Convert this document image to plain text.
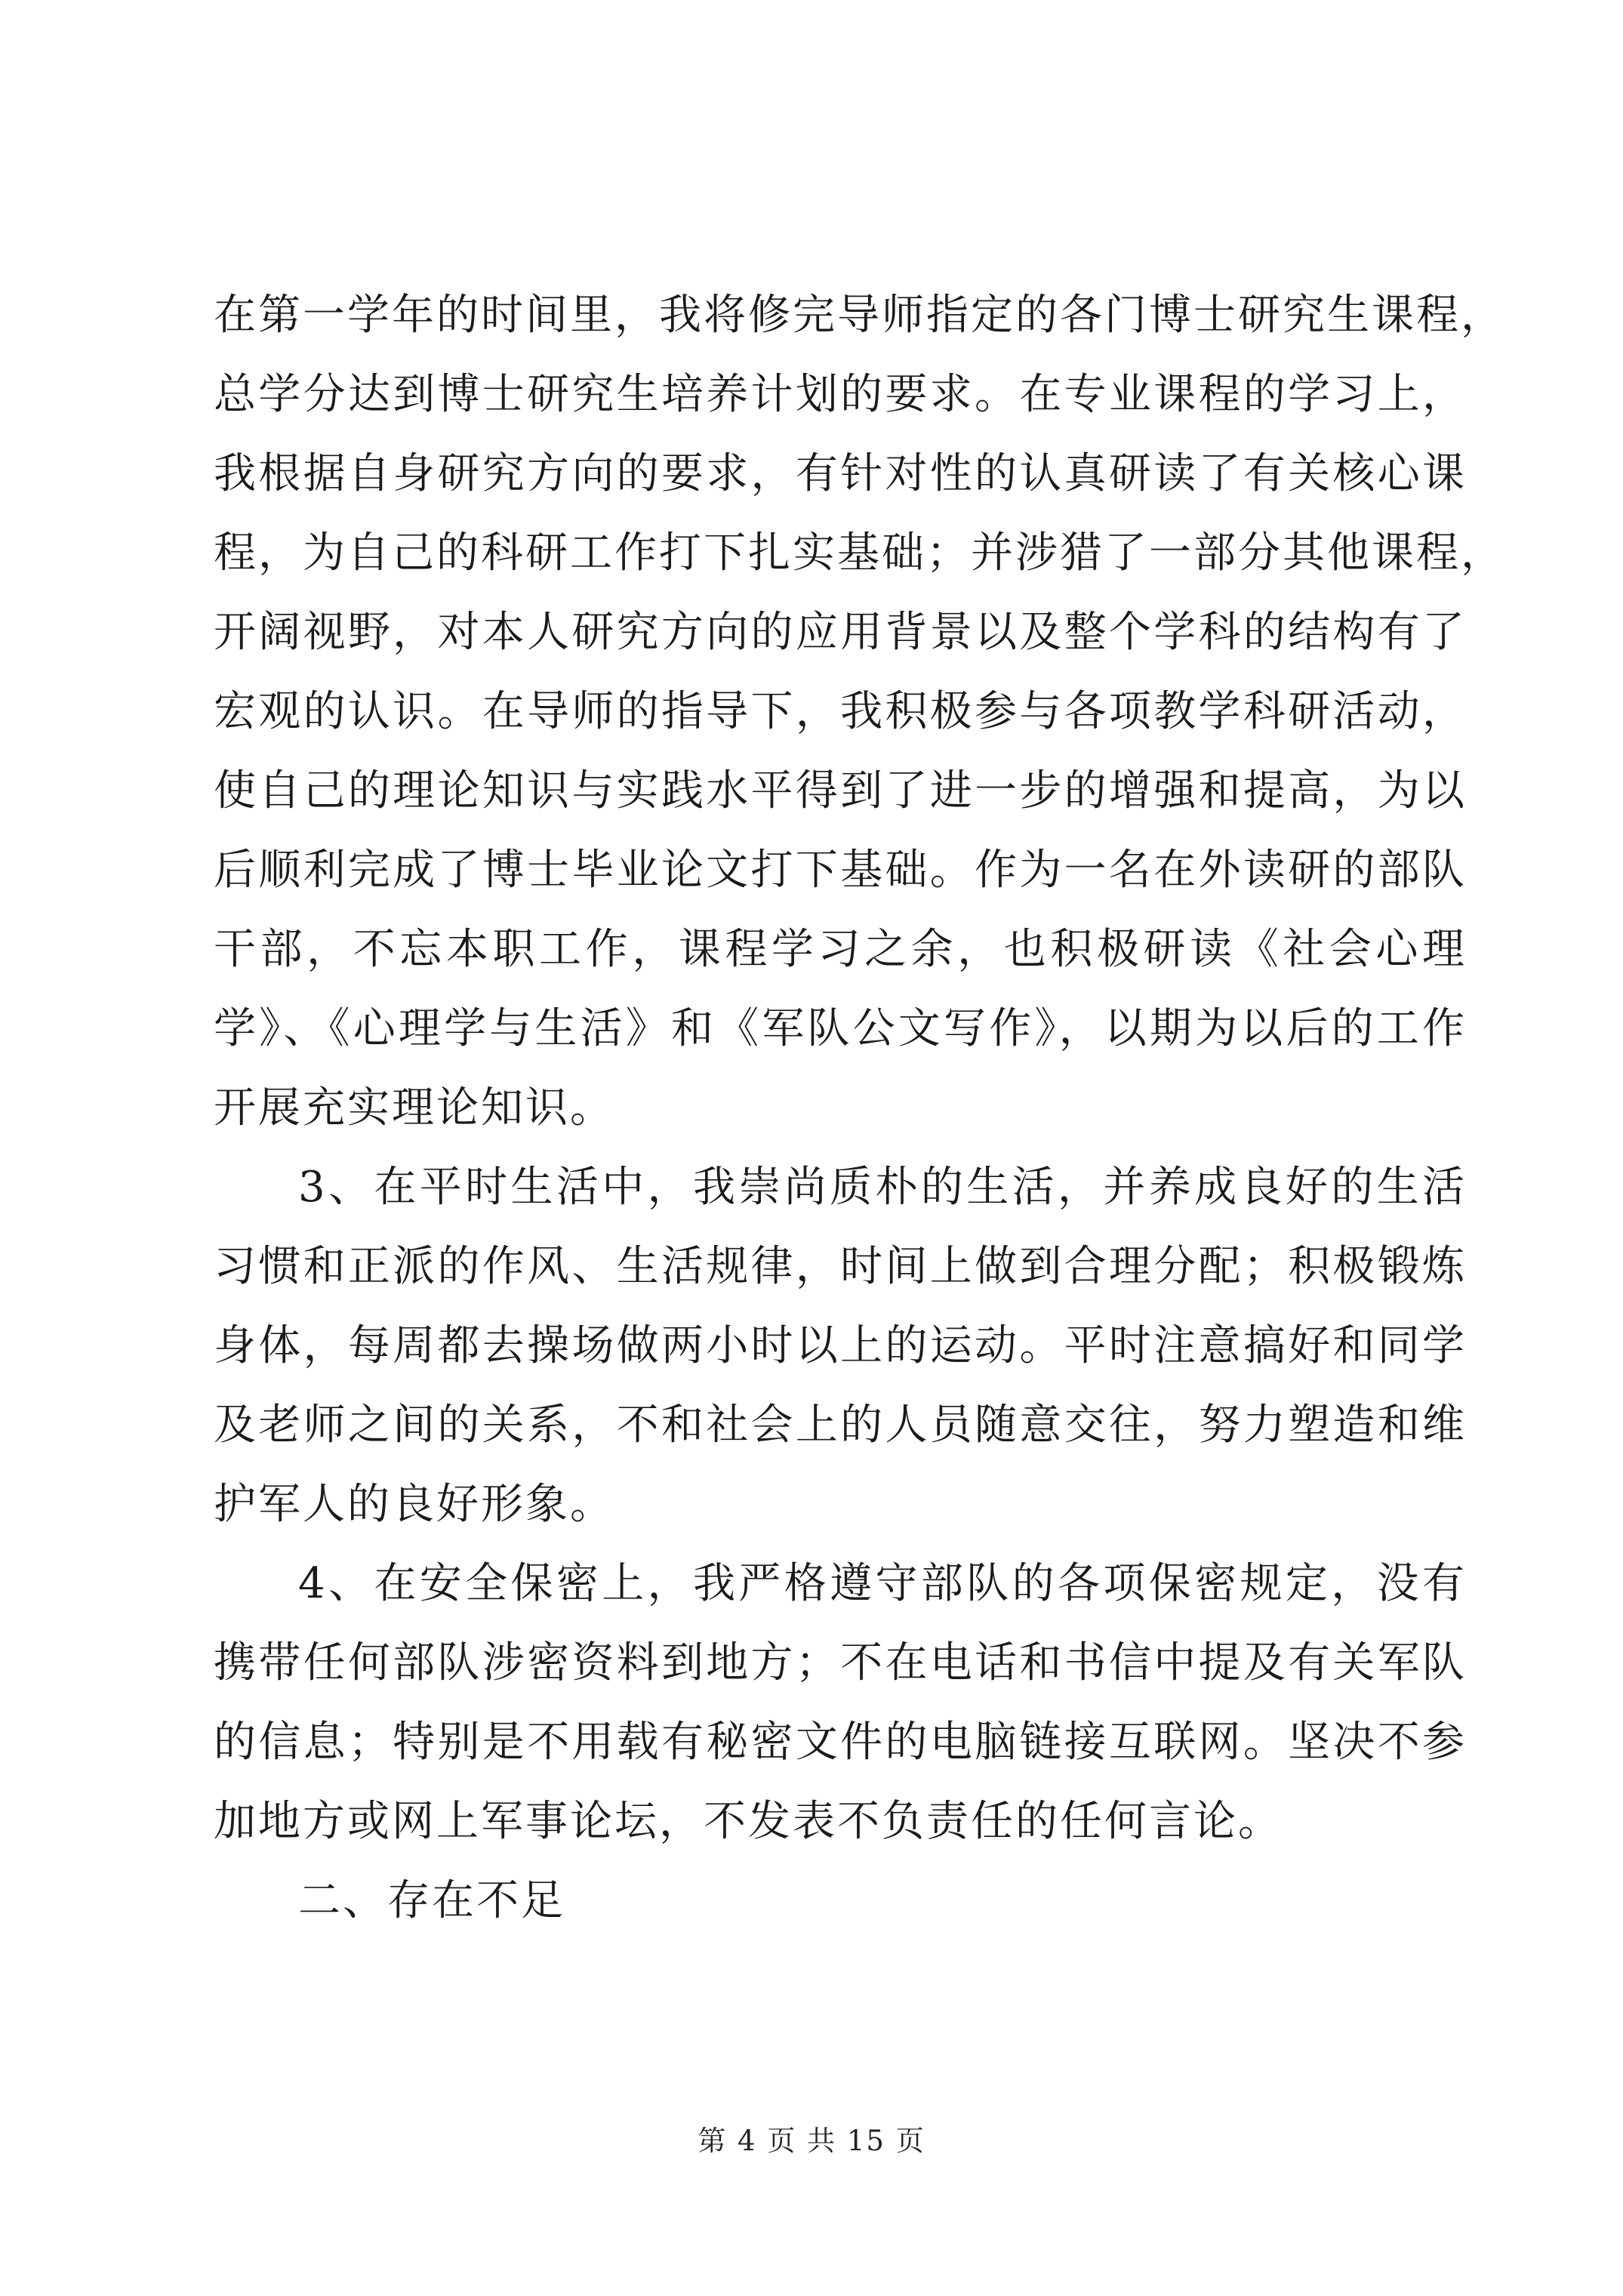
在第一学年的时间里，我将修完导师指定的各门博士研究生课程，
总学分达到博士研究生培养计划的要求。在专业课程的学习上，
我根据自身研究方向的要求，有针对性的认真研读了有关核心课
程，为自己的科研工作打下扎实基础；并涉猎了一部分其他课程，
开阔视野，对本人研究方向的应用背景以及整个学科的结构有了
宏观的认识。在导师的指导下，我积极参与各项教学科研活动，
使自己的理论知识与实践水平得到了进一步的增强和提高，为以
后顺利完成了博士毕业论文打下基础。作为一名在外读研的部队
干部，不忘本职工作，课程学习之余，也积极研读《社会心理
学》、《心理学与生活》和《军队公文写作》，以期为以后的工作
开展充实理论知识。
3、在平时生活中，我崇尚质朴的生活，并养成良好的生活
习惯和正派的作风、生活规律，时间上做到合理分配；积极锻炼
身体，每周都去操场做两小时以上的运动。平时注意搞好和同学
及老师之间的关系，不和社会上的人员随意交往，努力塑造和维
护军人的良好形象。
4、在安全保密上，我严格遵守部队的各项保密规定，没有
携带任何部队涉密资料到地方；不在电话和书信中提及有关军队
的信息；特别是不用载有秘密文件的电脑链接互联网。坚决不参
加地方或网上军事论坛，不发表不负责任的任何言论。
二、存在不足
第 4 页 共 15 页
